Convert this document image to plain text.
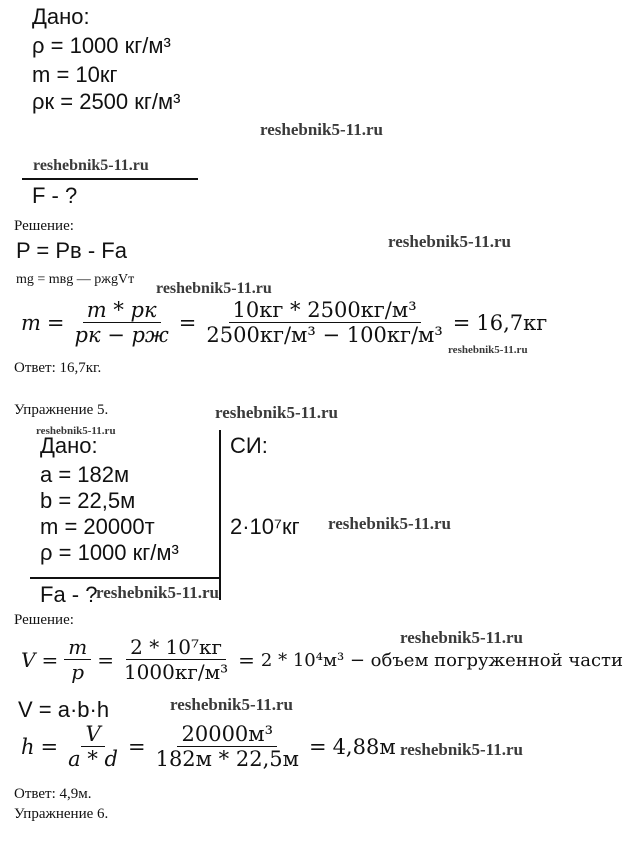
Дано:
ρ = 1000 кг/м³
m = 10кг
ρк = 2500 кг/м³
reshebnik5-11.ru
reshebnik5-11.ru
F - ?
Решение:
P = Pв - Fа	reshebnik5-11.ru
mg = mвg — pжgVт
reshebnik5-11.ru
$m = \frac{m * pк}{pк - pж} = \frac{\text{10кг * 2500кг/м³}}{\text{2500кг/м³ − 100кг/м³}} = 16,7кг$
reshebnik5-11.ru
Ответ: 16,7кг.
Упражнение 5.	reshebnik5-11.ru
reshebnik5-11.ru
Дано:	СИ:
a = 182м
b = 22,5м
m = 20000т	2·10⁷кг reshebnik5-11.ru
ρ = 1000 кг/м³
Fа - ?
reshebnik5-11.ru
Решение:
reshebnik5-11.ru
$V = \frac{m}{p} = \frac{\text{2 * 10⁷кг}}{\text{1000кг/м³}} = 2 * 10^4м^3$ − объем погруженной части
V = a·b·h	reshebnik5-11.ru
$h = \frac{V}{a * d} = \frac{\text{20000м³}}{182м * 22,5м} = 4,88м$ reshebnik5-11.ru
Ответ: 4,9м.
Упражнение 6.
